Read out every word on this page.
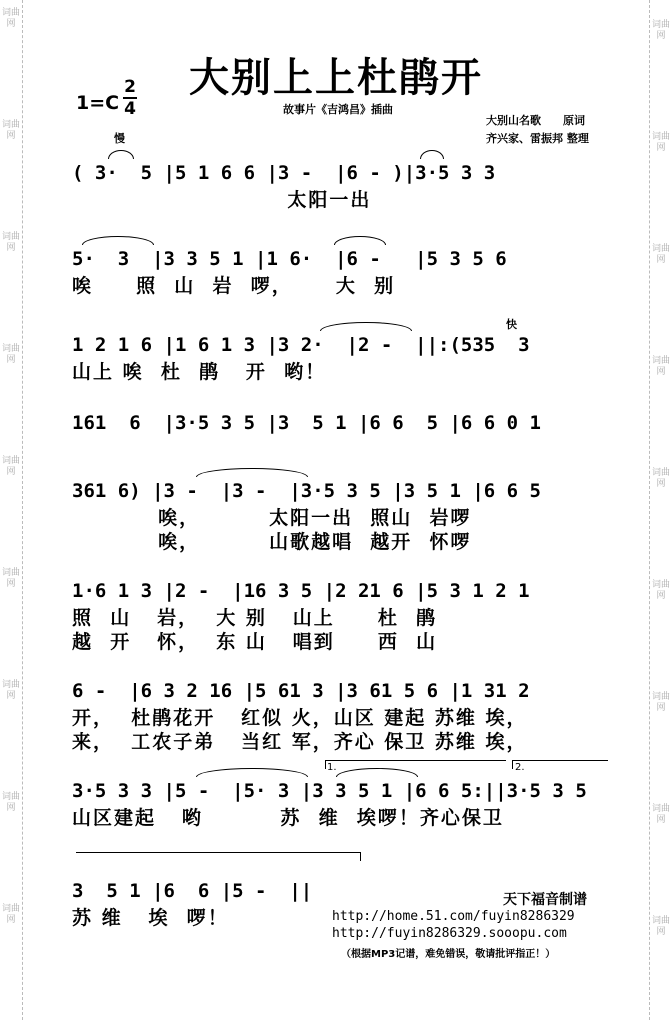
词曲网
词曲网
词曲网
词曲网
词曲网
词曲网
词曲网
词曲网
词曲网
词曲网
词曲网
词曲网
词曲网
词曲网
词曲网
词曲网
词曲网
词曲网
大别上上杜鹃开
1=C
2
4	故事片《吉鸿昌》插曲
大别山名歌　　原词
齐兴家、雷振邦 整理
慢
快
( 3·  5 |5 1 6 6 |3 -  |6 - )|3·5 3 3
太阳一出
5·  3  |3 3 5 1 |1 6·  |6 -   |5 3 5 6
唉     照  山  岩  啰，     大  别
1 2 1 6 |1 6 1 3 |3 2·  |2 -  ||:(535  3
山上 唉  杜  鹃   开  哟！
161  6  |3·5 3 5 |3  5 1 |6 6  5 |6 6 0 1
361 6) |3 -  |3 -  |3·5 3 5 |3 5 1 |6 6 5
唉，        太阳一出  照山  岩啰
唉，        山歌越唱  越开  怀啰
1·6 1 3 |2 -  |16 3 5 |2 21 6 |5 3 1 2 1
照  山   岩，  大 别   山上     杜  鹃
越  开   怀，  东 山   唱到     西  山
6 -  |6 3 2 16 |5 61 3 |3 61 5 6 |1 31 2
开，  杜鹃花开   红似 火，山区 建起 苏维 埃，
来，  工农子弟   当红 军，齐心 保卫 苏维 埃，
3·5 3 3 |5 -  |5· 3 |3 3 5 1 |6 6 5:||3·5 3 5
山区建起   哟         苏  维  埃啰！齐心保卫
1.	2.
3  5 1 |6  6 |5 -  ||
苏 维   埃  啰！
天下福音制谱
http://home.51.com/fuyin8286329
http://fuyin8286329.sooopu.com
（根据MP3记谱，难免错误，敬请批评指正！）
